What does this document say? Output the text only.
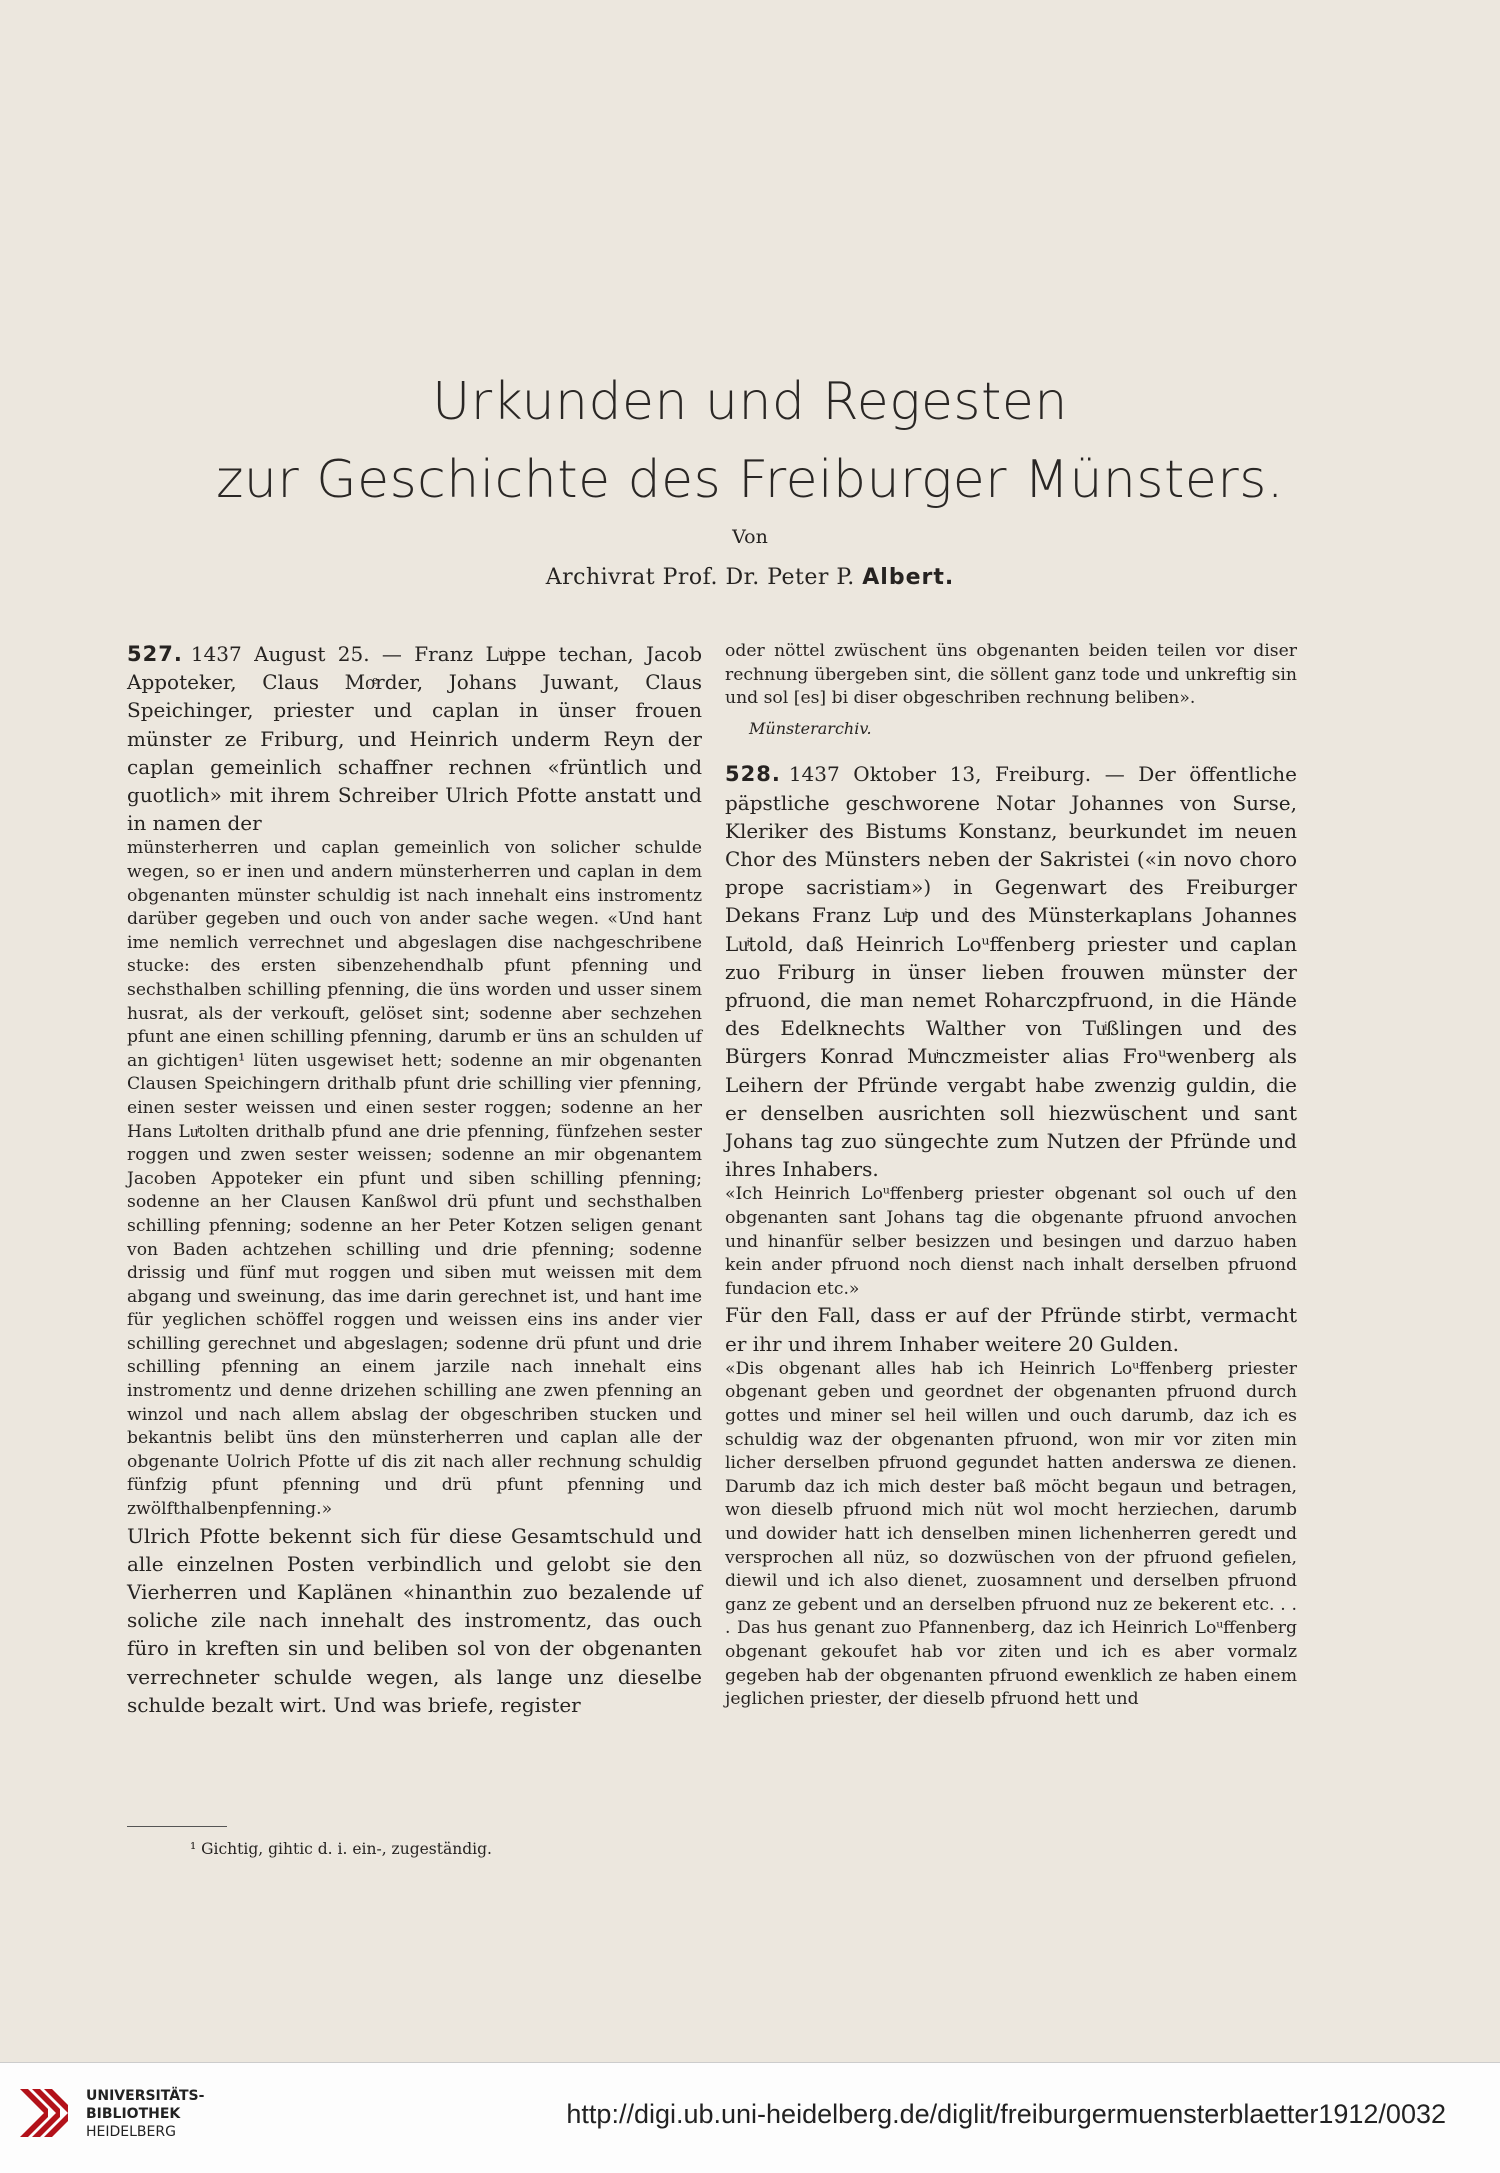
Urkunden und Regesten
zur Geschichte des Freiburger Münsters.
Von
Archivrat Prof. Dr. Peter P. Albert.

527. 1437 August 25. — Franz Luͥppe techan, Jacob Appoteker, Claus Moͤrder, Johans Juwant, Claus Speichinger, priester und caplan in ünser frouen münster ze Friburg, und Heinrich underm Reyn der caplan gemeinlich schaffner rechnen «früntlich und guotlich» mit ihrem Schreiber Ulrich Pfotte anstatt und in namen der

münsterherren und caplan gemeinlich von solicher schulde wegen, so er inen und andern münsterherren und caplan in dem obgenanten münster schuldig ist nach innehalt eins instromentz darüber gegeben und ouch von ander sache wegen. «Und hant ime nemlich verrechnet und abgeslagen dise nachgeschribene stucke: des ersten sibenzehendhalb pfunt pfenning und sechsthalben schilling pfenning, die üns worden und usser sinem husrat, als der verkouft, gelöset sint; sodenne aber sechzehen pfunt ane einen schilling pfenning, darumb er üns an schulden uf an gichtigen¹ lüten usgewiset hett; sodenne an mir obgenanten Clausen Speichingern drithalb pfunt drie schilling vier pfenning, einen sester weissen und einen sester roggen; sodenne an her Hans Luͥtolten drithalb pfund ane drie pfenning, fünfzehen sester roggen und zwen sester weissen; sodenne an mir obgenantem Jacoben Appoteker ein pfunt und siben schilling pfenning; sodenne an her Clausen Kanßwol drü pfunt und sechsthalben schilling pfenning; sodenne an her Peter Kotzen seligen genant von Baden achtzehen schilling und drie pfenning; sodenne drissig und fünf mut roggen und siben mut weissen mit dem abgang und sweinung, das ime darin gerechnet ist, und hant ime für yeglichen schöffel roggen und weissen eins ins ander vier schilling gerechnet und abgeslagen; sodenne drü pfunt und drie schilling pfenning an einem jarzile nach innehalt eins instromentz und denne drizehen schilling ane zwen pfenning an winzol und nach allem abslag der obgeschriben stucken und bekantnis belibt üns den münsterherren und caplan alle der obgenante Uolrich Pfotte uf dis zit nach aller rechnung schuldig fünfzig pfunt pfenning und drü pfunt pfenning und zwölfthalbenpfenning.»

Ulrich Pfotte bekennt sich für diese Gesamtschuld und alle einzelnen Posten verbindlich und gelobt sie den Vierherren und Kaplänen «hinanthin zuo bezalende uf soliche zile nach innehalt des instromentz, das ouch füro in kreften sin und beliben sol von der obgenanten verrechneter schulde wegen, als lange unz dieselbe schulde bezalt wirt. Und was briefe, register

¹ Gichtig, gihtic d. i. ein-, zugeständig.

oder nöttel zwüschent üns obgenanten beiden teilen vor diser rechnung übergeben sint, die söllent ganz tode und unkreftig sin und sol [es] bi diser obgeschriben rechnung beliben».

Münsterarchiv.

528. 1437 Oktober 13, Freiburg. — Der öffentliche päpstliche geschworene Notar Johannes von Surse, Kleriker des Bistums Konstanz, beurkundet im neuen Chor des Münsters neben der Sakristei («in novo choro prope sacristiam») in Gegenwart des Freiburger Dekans Franz Luͥp und des Münsterkaplans Johannes Luͥtold, daß Heinrich Loᵘffenberg priester und caplan zuo Friburg in ünser lieben frouwen münster der pfruond, die man nemet Roharczpfruond, in die Hände des Edelknechts Walther von Tuͥßlingen und des Bürgers Konrad Muͥnczmeister alias Froᵘwenberg als Leihern der Pfründe vergabt habe zwenzig guldin, die er denselben ausrichten soll hiezwüschent und sant Johans tag zuo süngechte zum Nutzen der Pfründe und ihres Inhabers.

«Ich Heinrich Loᵘffenberg priester obgenant sol ouch uf den obgenanten sant Johans tag die obgenante pfruond anvochen und hinanfür selber besizzen und besingen und darzuo haben kein ander pfruond noch dienst nach inhalt derselben pfruond fundacion etc.»

Für den Fall, dass er auf der Pfründe stirbt, vermacht er ihr und ihrem Inhaber weitere 20 Gulden.

«Dis obgenant alles hab ich Heinrich Loᵘffenberg priester obgenant geben und geordnet der obgenanten pfruond durch gottes und miner sel heil willen und ouch darumb, daz ich es schuldig waz der obgenanten pfruond, won mir vor ziten min licher derselben pfruond gegundet hatten anderswa ze dienen. Darumb daz ich mich dester baß möcht begaun und betragen, won dieselb pfruond mich nüt wol mocht herziechen, darumb und dowider hatt ich denselben minen lichenherren geredt und versprochen all nüz, so dozwüschen von der pfruond gefielen, diewil und ich also dienet, zuosamnent und derselben pfruond ganz ze gebent und an derselben pfruond nuz ze bekerent etc. . . . Das hus genant zuo Pfannenberg, daz ich Heinrich Loᵘffenberg obgenant gekoufet hab vor ziten und ich es aber vormalz gegeben hab der obgenanten pfruond ewenklich ze haben einem jeglichen priester, der dieselb pfruond hett und

UNIVERSITÄTS-
BIBLIOTHEK
HEIDELBERG
http://digi.ub.uni-heidelberg.de/diglit/freiburgermuensterblaetter1912/0032
